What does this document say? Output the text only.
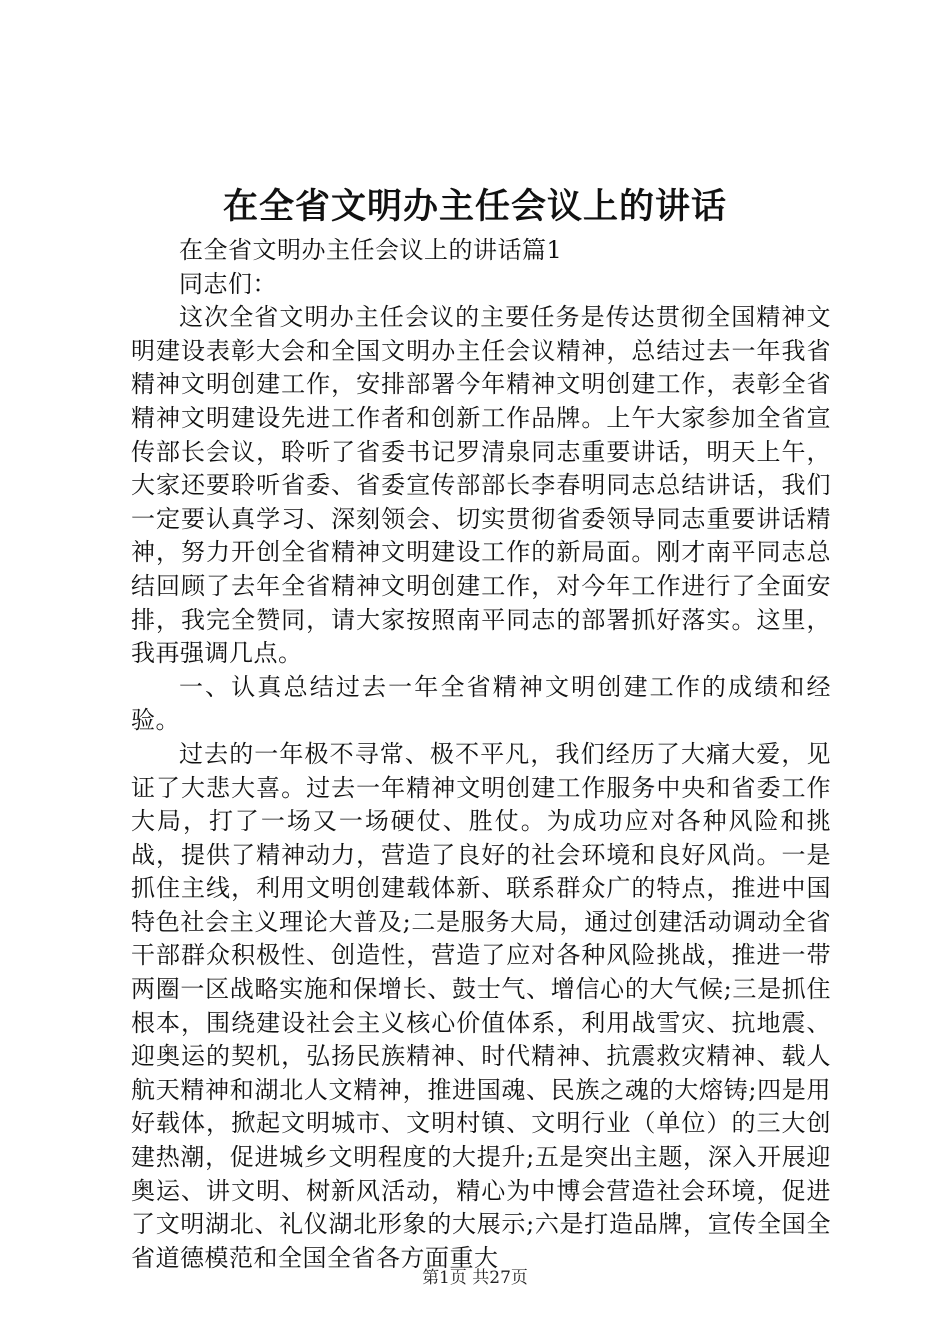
在全省文明办主任会议上的讲话

在全省文明办主任会议上的讲话篇1

同志们：

这次全省文明办主任会议的主要任务是传达贯彻全国精神文明建设表彰大会和全国文明办主任会议精神，总结过去一年我省精神文明创建工作，安排部署今年精神文明创建工作，表彰全省精神文明建设先进工作者和创新工作品牌。上午大家参加全省宣传部长会议，聆听了省委书记罗清泉同志重要讲话，明天上午，大家还要聆听省委、省委宣传部部长李春明同志总结讲话，我们一定要认真学习、深刻领会、切实贯彻省委领导同志重要讲话精神，努力开创全省精神文明建设工作的新局面。刚才南平同志总结回顾了去年全省精神文明创建工作，对今年工作进行了全面安排，我完全赞同，请大家按照南平同志的部署抓好落实。这里，我再强调几点。

一、认真总结过去一年全省精神文明创建工作的成绩和经验。

过去的一年极不寻常、极不平凡，我们经历了大痛大爱，见证了大悲大喜。过去一年精神文明创建工作服务中央和省委工作大局，打了一场又一场硬仗、胜仗。为成功应对各种风险和挑战，提供了精神动力，营造了良好的社会环境和良好风尚。一是抓住主线，利用文明创建载体新、联系群众广的特点，推进中国特色社会主义理论大普及;二是服务大局，通过创建活动调动全省干部群众积极性、创造性，营造了应对各种风险挑战，推进一带两圈一区战略实施和保增长、鼓士气、增信心的大气候;三是抓住根本，围绕建设社会主义核心价值体系，利用战雪灾、抗地震、迎奥运的契机，弘扬民族精神、时代精神、抗震救灾精神、载人航天精神和湖北人文精神，推进国魂、民族之魂的大熔铸;四是用好载体，掀起文明城市、文明村镇、文明行业（单位）的三大创建热潮，促进城乡文明程度的大提升;五是突出主题，深入开展迎奥运、讲文明、树新风活动，精心为中博会营造社会环境，促进了文明湖北、礼仪湖北形象的大展示;六是打造品牌，宣传全国全省道德模范和全国全省各方面重大

第1页 共27页
